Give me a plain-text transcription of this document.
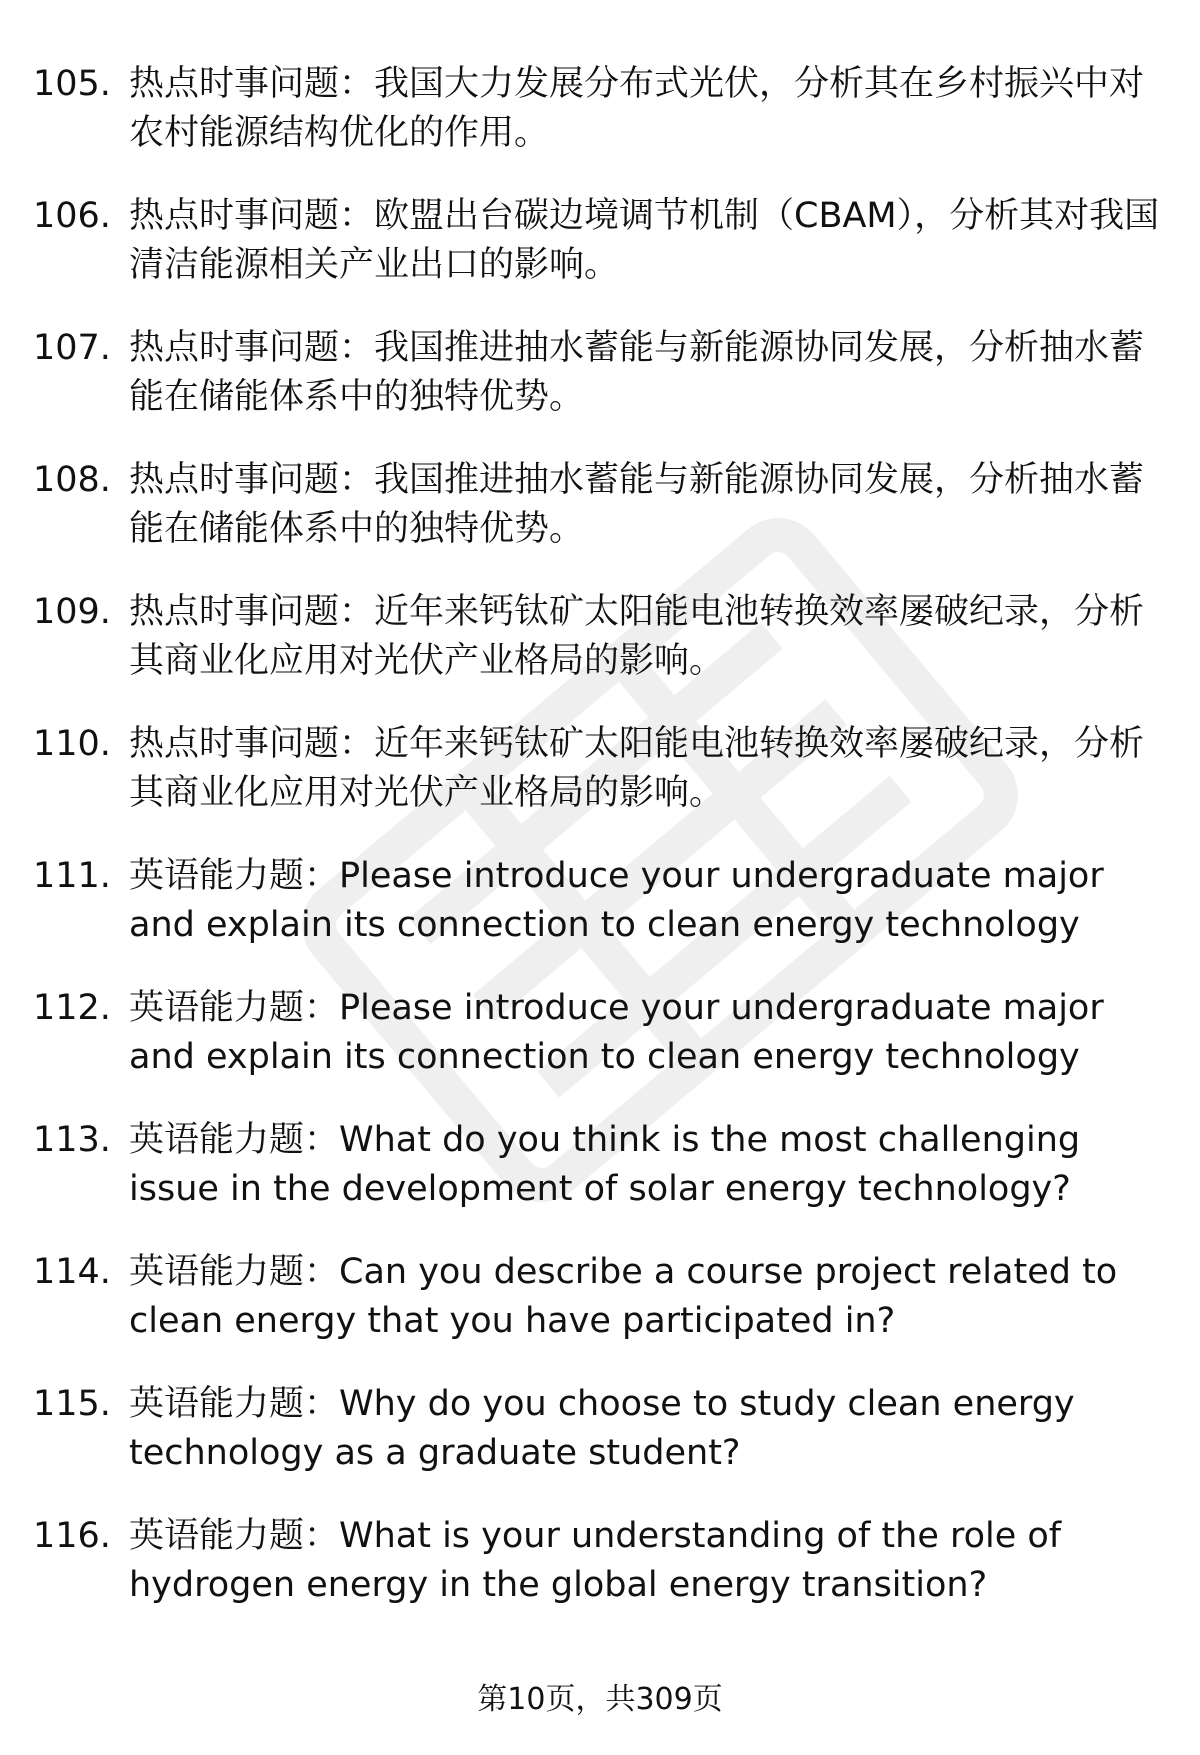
105. 热点时事问题：我国大力发展分布式光伏，分析其在乡村振兴中对农村能源结构优化的作用。
106. 热点时事问题：欧盟出台碳边境调节机制（CBAM），分析其对我国清洁能源相关产业出口的影响。
107. 热点时事问题：我国推进抽水蓄能与新能源协同发展，分析抽水蓄能在储能体系中的独特优势。
108. 热点时事问题：我国推进抽水蓄能与新能源协同发展，分析抽水蓄能在储能体系中的独特优势。
109. 热点时事问题：近年来钙钛矿太阳能电池转换效率屡破纪录，分析其商业化应用对光伏产业格局的影响。
110. 热点时事问题：近年来钙钛矿太阳能电池转换效率屡破纪录，分析其商业化应用对光伏产业格局的影响。
111. 英语能力题：Please introduce your undergraduate major and explain its connection to clean energy technology
112. 英语能力题：Please introduce your undergraduate major and explain its connection to clean energy technology
113. 英语能力题：What do you think is the most challenging issue in the development of solar energy technology?
114. 英语能力题：Can you describe a course project related to clean energy that you have participated in?
115. 英语能力题：Why do you choose to study clean energy technology as a graduate student?
116. 英语能力题：What is your understanding of the role of hydrogen energy in the global energy transition?
第10页，共309页
